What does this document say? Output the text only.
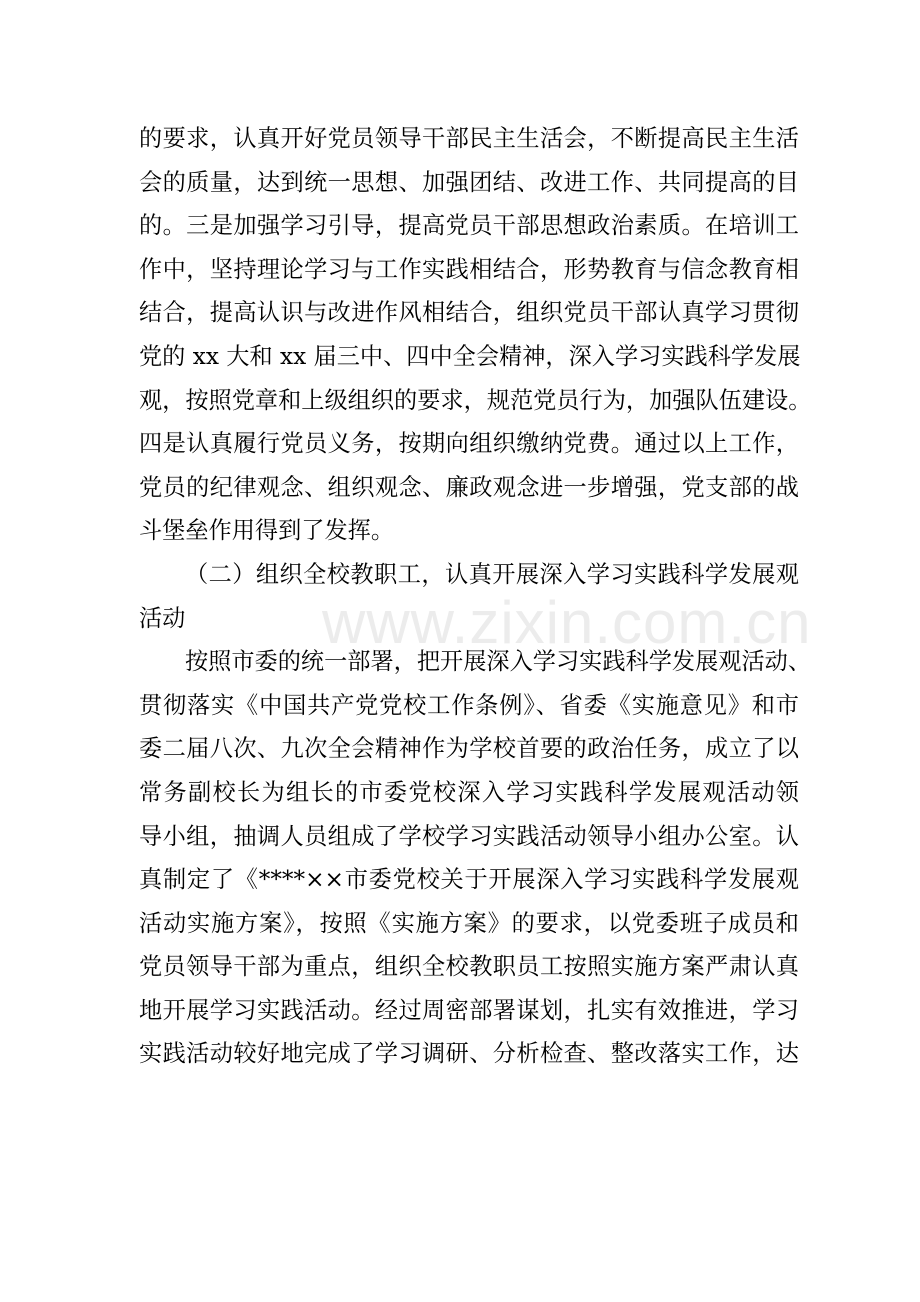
www.zixin.com.cn
的要求，认真开好党员领导干部民主生活会，不断提高民主生活
会的质量，达到统一思想、加强团结、改进工作、共同提高的目
的。三是加强学习引导，提高党员干部思想政治素质。在培训工
作中，坚持理论学习与工作实践相结合，形势教育与信念教育相
结合，提高认识与改进作风相结合，组织党员干部认真学习贯彻
党的 xx 大和 xx 届三中、四中全会精神，深入学习实践科学发展
观，按照党章和上级组织的要求，规范党员行为，加强队伍建设。
四是认真履行党员义务，按期向组织缴纳党费。通过以上工作，
党员的纪律观念、组织观念、廉政观念进一步增强，党支部的战
斗堡垒作用得到了发挥。
（二）组织全校教职工，认真开展深入学习实践科学发展观
活动
按照市委的统一部署，把开展深入学习实践科学发展观活动、
贯彻落实《中国共产党党校工作条例》、省委《实施意见》和市
委二届八次、九次全会精神作为学校首要的政治任务，成立了以
常务副校长为组长的市委党校深入学习实践科学发展观活动领
导小组，抽调人员组成了学校学习实践活动领导小组办公室。认
真制定了《****××市委党校关于开展深入学习实践科学发展观
活动实施方案》，按照《实施方案》的要求，以党委班子成员和
党员领导干部为重点，组织全校教职员工按照实施方案严肃认真
地开展学习实践活动。经过周密部署谋划，扎实有效推进，学习
实践活动较好地完成了学习调研、分析检查、整改落实工作，达
